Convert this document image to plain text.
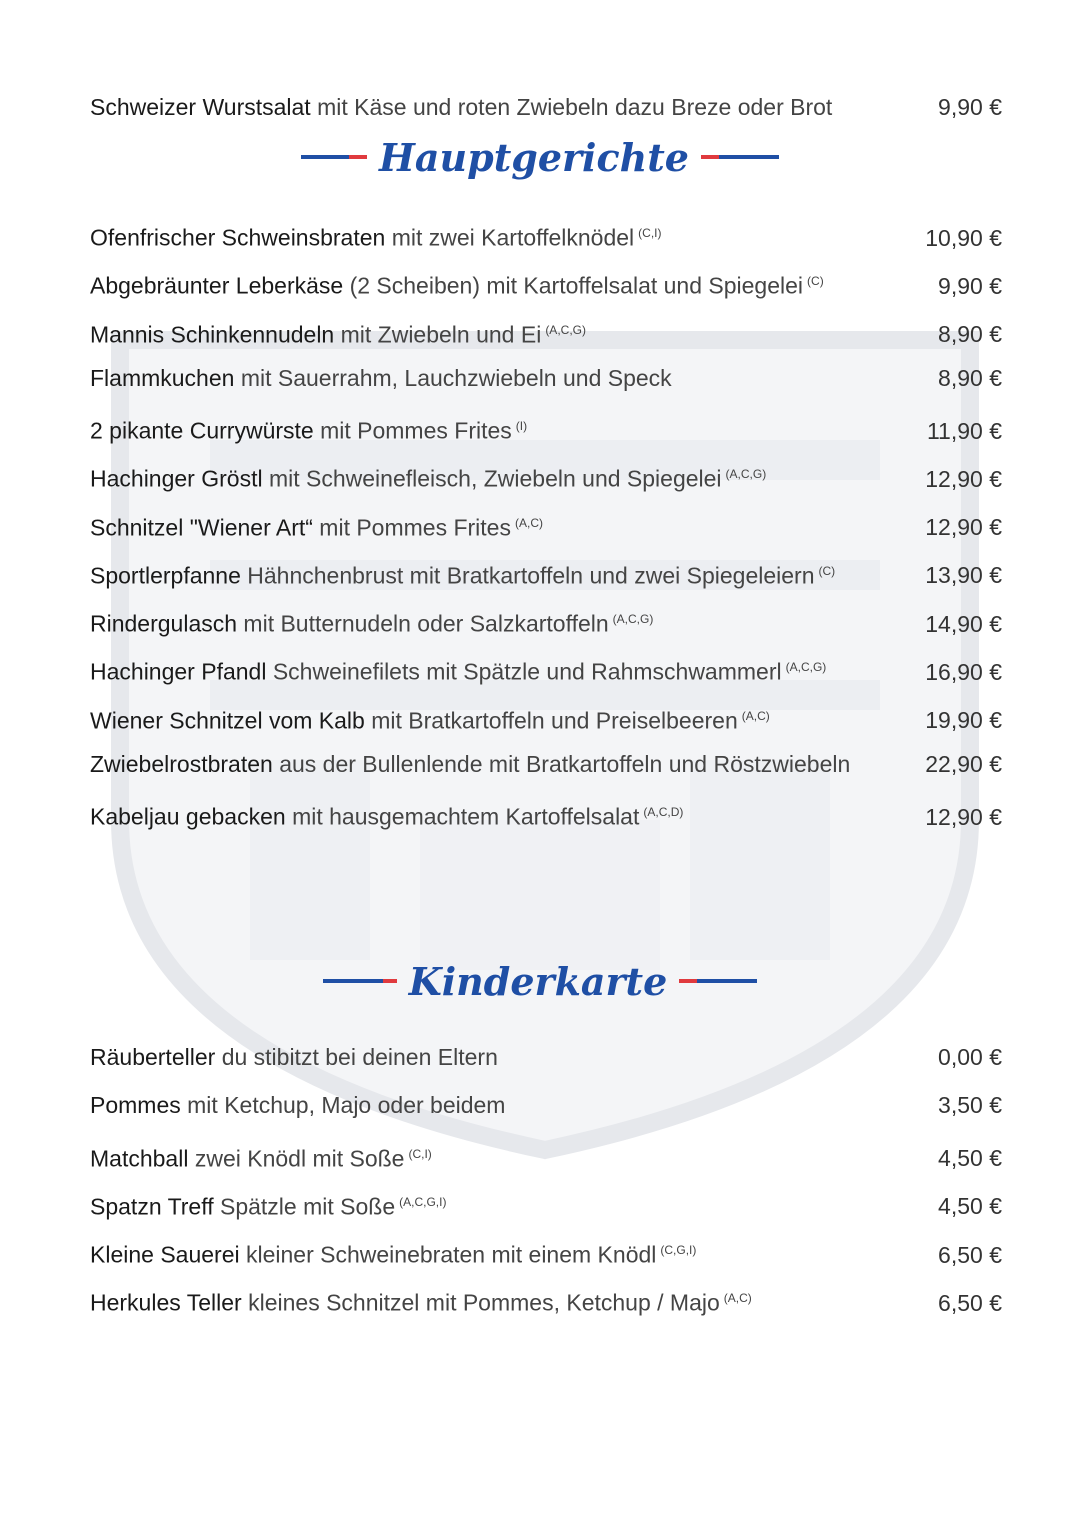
Schweizer Wurstsalat mit Käse und roten Zwiebeln dazu Breze oder Brot	9,90 €
Hauptgerichte
Ofenfrischer Schweinsbraten mit zwei Kartoffelknödel $^{(C,I)}$	10,90 €
Abgebräunter Leberkäse (2 Scheiben) mit Kartoffelsalat und Spiegelei $^{(C)}$	9,90 €
Mannis Schinkennudeln mit Zwiebeln und Ei $^{(A,C,G)}$	8,90 €
Flammkuchen mit Sauerrahm, Lauchzwiebeln und Speck	8,90 €
2 pikante Currywürste mit Pommes Frites $^{(I)}$	11,90 €
Hachinger Gröstl mit Schweinefleisch, Zwiebeln und Spiegelei $^{(A,C,G)}$	12,90 €
Schnitzel "Wiener Art“ mit Pommes Frites $^{(A,C)}$	12,90 €
Sportlerpfanne Hähnchenbrust mit Bratkartoffeln und zwei Spiegeleiern $^{(C)}$	13,90 €
Rindergulasch mit Butternudeln oder Salzkartoffeln $^{(A,C,G)}$	14,90 €
Hachinger Pfandl Schweinefilets mit Spätzle und Rahmschwammerl $^{(A,C,G)}$	16,90 €
Wiener Schnitzel vom Kalb mit Bratkartoffeln und Preiselbeeren $^{(A,C)}$	19,90 €
Zwiebelrostbraten aus der Bullenlende mit Bratkartoffeln und Röstzwiebeln	22,90 €
Kabeljau gebacken mit hausgemachtem Kartoffelsalat $^{(A,C,D)}$	12,90 €
Kinderkarte
Räuberteller du stibitzt bei deinen Eltern	0,00 €
Pommes mit Ketchup, Majo oder beidem	3,50 €
Matchball zwei Knödl mit Soße $^{(C,I)}$	4,50 €
Spatzn Treff Spätzle mit Soße $^{(A,C,G,I)}$	4,50 €
Kleine Sauerei kleiner Schweinebraten mit einem Knödl $^{(C,G,I)}$	6,50 €
Herkules Teller kleines Schnitzel mit Pommes, Ketchup / Majo $^{(A,C)}$	6,50 €
